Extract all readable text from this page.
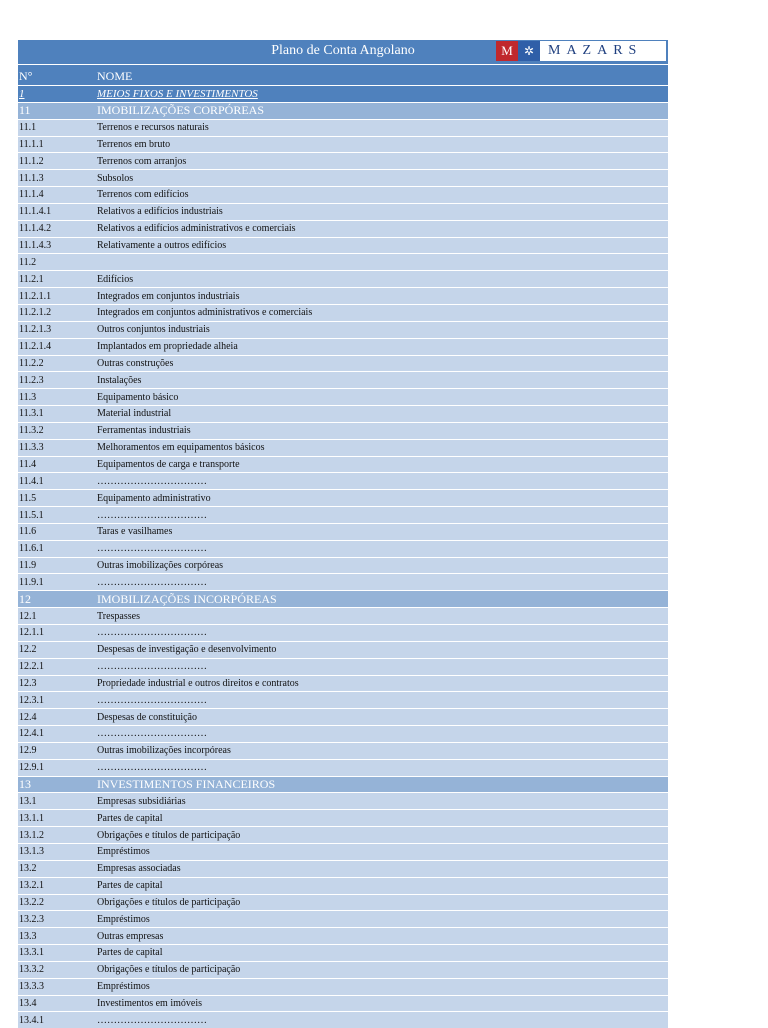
Plano de Conta Angolano	M ✲ MAZARS
N°	NOME
1	MEIOS FIXOS E INVESTIMENTOS
11	IMOBILIZAÇÕES CORPÓREAS
11.1	Terrenos e recursos naturais
11.1.1	Terrenos em bruto
11.1.2	Terrenos com arranjos
11.1.3	Subsolos
11.1.4	Terrenos com edifícios
11.1.4.1	Relativos a edifícios industriais
11.1.4.2	Relativos a edifícios administrativos e comerciais
11.1.4.3	Relativamente a outros edifícios
11.2
11.2.1	Edifícios
11.2.1.1	Integrados em conjuntos industriais
11.2.1.2	Integrados em conjuntos administrativos e comerciais
11.2.1.3	Outros conjuntos industriais
11.2.1.4	Implantados em propriedade alheia
11.2.2	Outras construções
11.2.3	Instalações
11.3	Equipamento básico
11.3.1	Material industrial
11.3.2	Ferramentas industriais
11.3.3	Melhoramentos em equipamentos básicos
11.4	Equipamentos de carga e transporte
11.4.1	……………………………
11.5	Equipamento administrativo
11.5.1	……………………………
11.6	Taras e vasilhames
11.6.1	……………………………
11.9	Outras imobilizações corpóreas
11.9.1	……………………………
12	IMOBILIZAÇÕES INCORPÓREAS
12.1	Trespasses
12.1.1	……………………………
12.2	Despesas de investigação e desenvolvimento
12.2.1	……………………………
12.3	Propriedade industrial e outros direitos e contratos
12.3.1	……………………………
12.4	Despesas de constituição
12.4.1	……………………………
12.9	Outras imobilizações incorpóreas
12.9.1	……………………………
13	INVESTIMENTOS FINANCEIROS
13.1	Empresas subsidiárias
13.1.1	Partes de capital
13.1.2	Obrigações e títulos de participação
13.1.3	Empréstimos
13.2	Empresas associadas
13.2.1	Partes de capital
13.2.2	Obrigações e títulos de participação
13.2.3	Empréstimos
13.3	Outras empresas
13.3.1	Partes de capital
13.3.2	Obrigações e títulos de participação
13.3.3	Empréstimos
13.4	Investimentos em imóveis
13.4.1	……………………………
